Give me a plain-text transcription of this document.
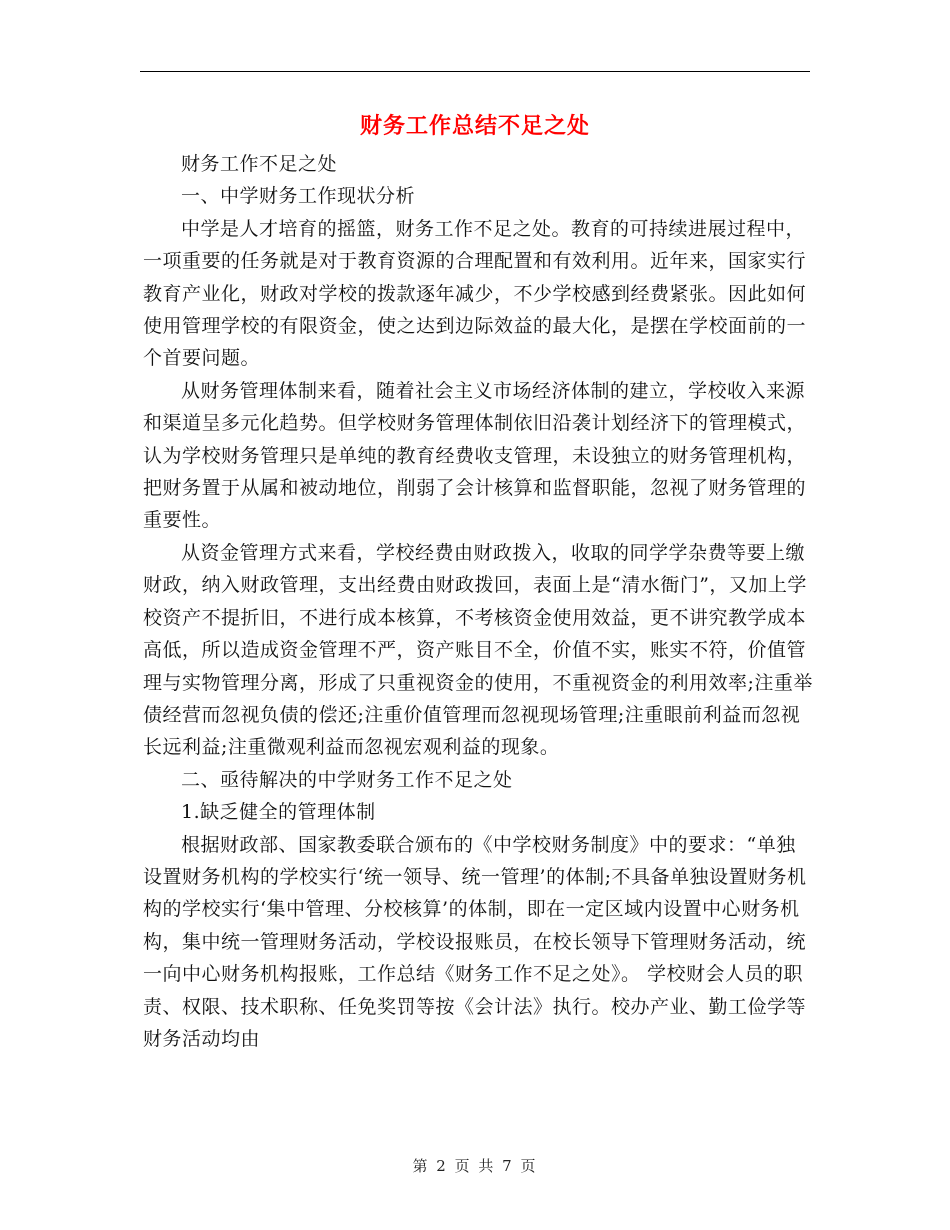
财务工作总结不足之处

财务工作不足之处

一、中学财务工作现状分析

中学是人才培育的摇篮，财务工作不足之处。教育的可持续进展过程中，一项重要的任务就是对于教育资源的合理配置和有效利用。近年来，国家实行教育产业化，财政对学校的拨款逐年减少，不少学校感到经费紧张。因此如何使用管理学校的有限资金，使之达到边际效益的最大化，是摆在学校面前的一个首要问题。

从财务管理体制来看，随着社会主义市场经济体制的建立，学校收入来源和渠道呈多元化趋势。但学校财务管理体制依旧沿袭计划经济下的管理模式，认为学校财务管理只是单纯的教育经费收支管理，未设独立的财务管理机构，把财务置于从属和被动地位，削弱了会计核算和监督职能，忽视了财务管理的重要性。

从资金管理方式来看，学校经费由财政拨入，收取的同学学杂费等要上缴财政，纳入财政管理，支出经费由财政拨回，表面上是“清水衙门”，又加上学校资产不提折旧，不进行成本核算，不考核资金使用效益，更不讲究教学成本高低，所以造成资金管理不严，资产账目不全，价值不实，账实不符，价值管理与实物管理分离，形成了只重视资金的使用，不重视资金的利用效率;注重举债经营而忽视负债的偿还;注重价值管理而忽视现场管理;注重眼前利益而忽视长远利益;注重微观利益而忽视宏观利益的现象。

二、亟待解决的中学财务工作不足之处

1.缺乏健全的管理体制

根据财政部、国家教委联合颁布的《中学校财务制度》中的要求：“单独设置财务机构的学校实行‘统一领导、统一管理’的体制;不具备单独设置财务机构的学校实行‘集中管理、分校核算’的体制，即在一定区域内设置中心财务机构，集中统一管理财务活动，学校设报账员，在校长领导下管理财务活动，统一向中心财务机构报账，工作总结《财务工作不足之处》。 学校财会人员的职责、权限、技术职称、任免奖罚等按《会计法》执行。校办产业、勤工俭学等财务活动均由

第 2 页 共 7 页
